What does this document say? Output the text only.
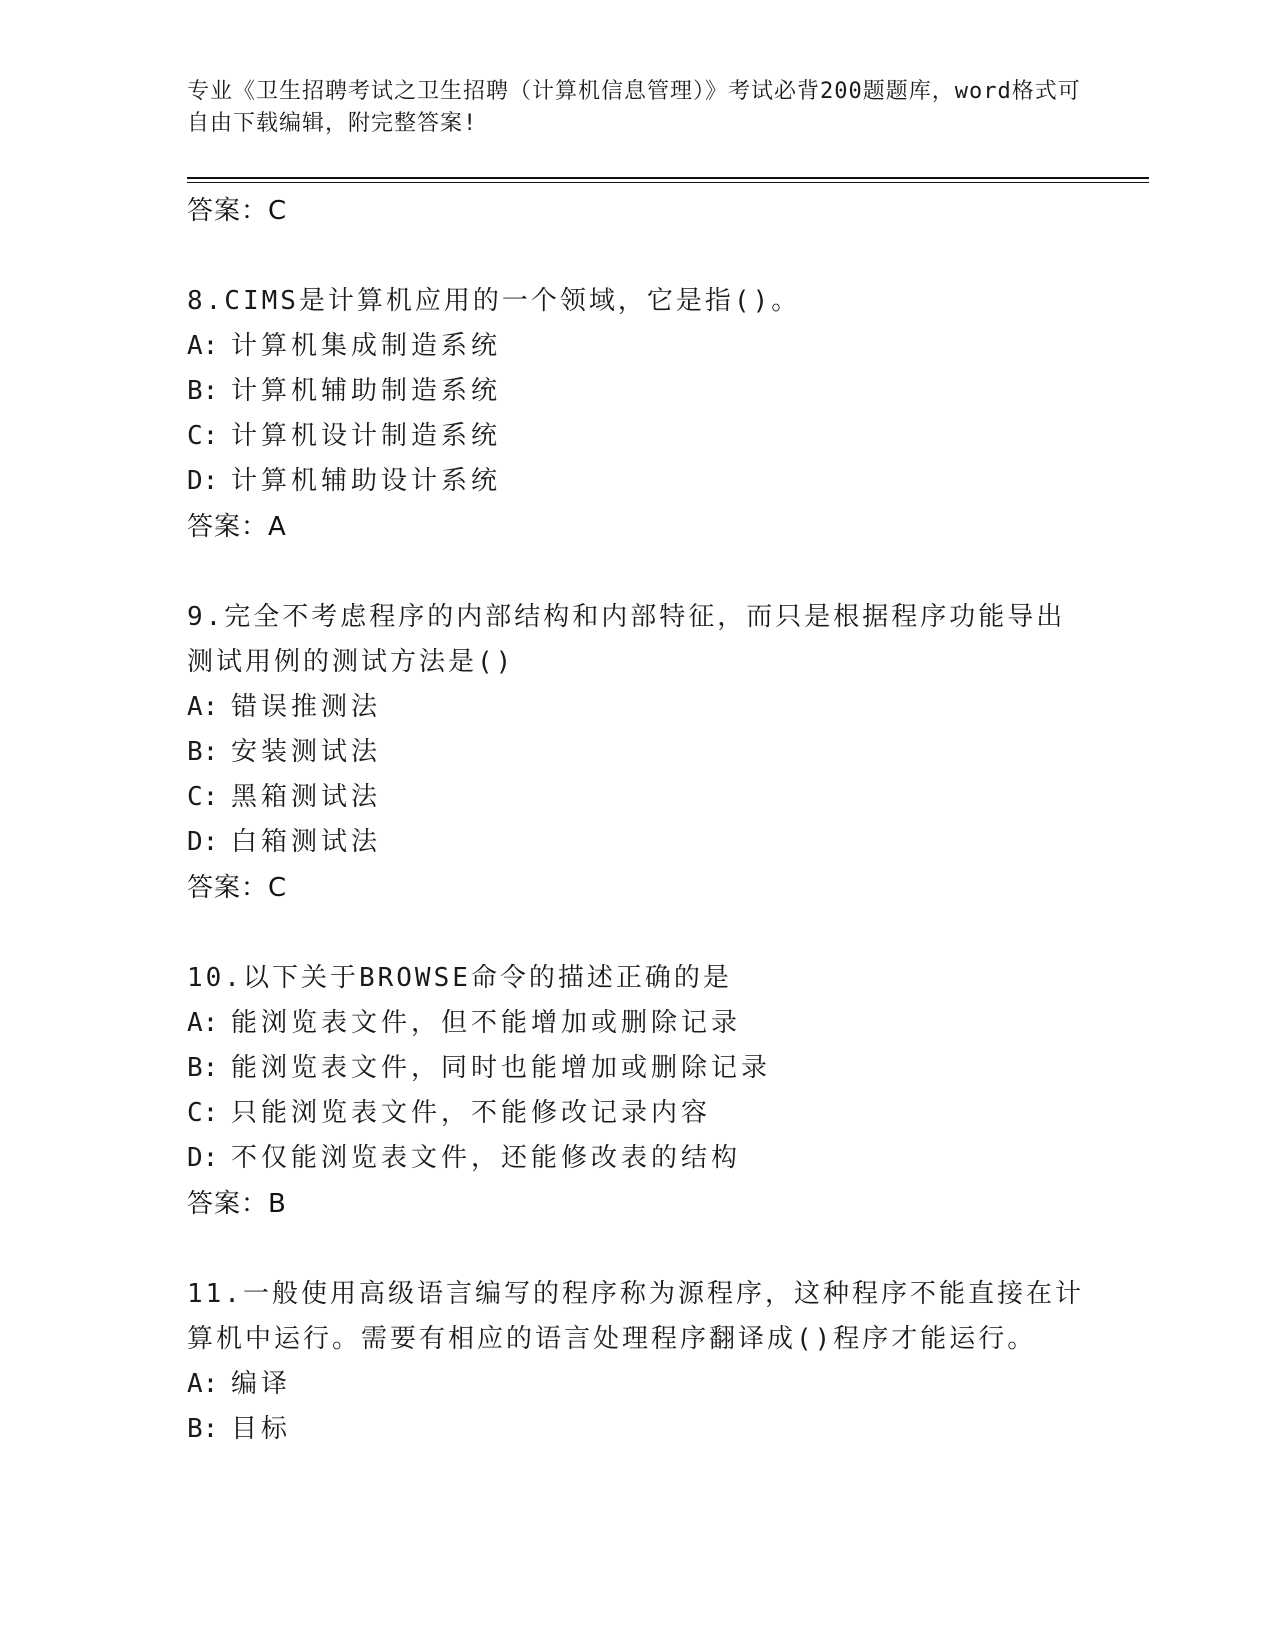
专业《卫生招聘考试之卫生招聘（计算机信息管理）》考试必背200题题库，word格式可自由下载编辑，附完整答案!
答案：C
8.CIMS是计算机应用的一个领域，它是指()。
A: 计算机集成制造系统
B: 计算机辅助制造系统
C: 计算机设计制造系统
D: 计算机辅助设计系统
答案：A
9.完全不考虑程序的内部结构和内部特征，而只是根据程序功能导出测试用例的测试方法是()
A: 错误推测法
B: 安装测试法
C: 黑箱测试法
D: 白箱测试法
答案：C
10.以下关于BROWSE命令的描述正确的是
A: 能浏览表文件，但不能增加或删除记录
B: 能浏览表文件，同时也能增加或删除记录
C: 只能浏览表文件，不能修改记录内容
D: 不仅能浏览表文件，还能修改表的结构
答案：B
11.一般使用高级语言编写的程序称为源程序，这种程序不能直接在计算机中运行。需要有相应的语言处理程序翻译成()程序才能运行。
A: 编译
B: 目标
